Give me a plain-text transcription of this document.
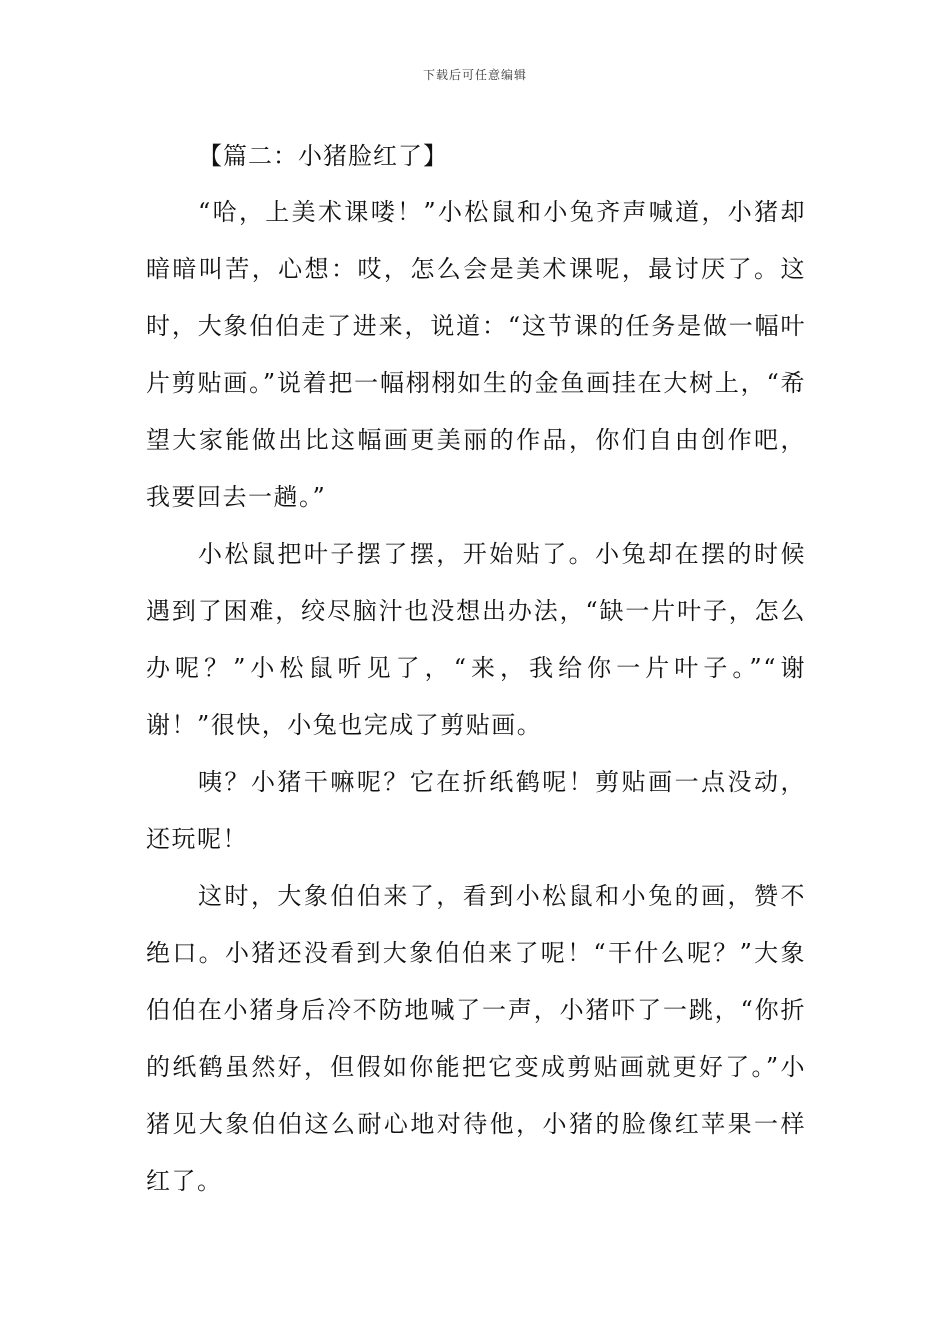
下载后可任意编辑
【篇二：小猪脸红了】

“哈，上美术课喽！”小松鼠和小兔齐声喊道，小猪却暗暗叫苦，心想：哎，怎么会是美术课呢，最讨厌了。这时，大象伯伯走了进来，说道：“这节课的任务是做一幅叶片剪贴画。”说着把一幅栩栩如生的金鱼画挂在大树上，“希望大家能做出比这幅画更美丽的作品，你们自由创作吧，我要回去一趟。”

小松鼠把叶子摆了摆，开始贴了。小兔却在摆的时候遇到了困难，绞尽脑汁也没想出办法，“缺一片叶子，怎么办呢？”小松鼠听见了，“来，我给你一片叶子。”“谢谢！”很快，小兔也完成了剪贴画。

咦？小猪干嘛呢？它在折纸鹤呢！剪贴画一点没动，还玩呢！

这时，大象伯伯来了，看到小松鼠和小兔的画，赞不绝口。小猪还没看到大象伯伯来了呢！“干什么呢？”大象伯伯在小猪身后冷不防地喊了一声，小猪吓了一跳，“你折的纸鹤虽然好，但假如你能把它变成剪贴画就更好了。”小猪见大象伯伯这么耐心地对待他，小猪的脸像红苹果一样红了。
